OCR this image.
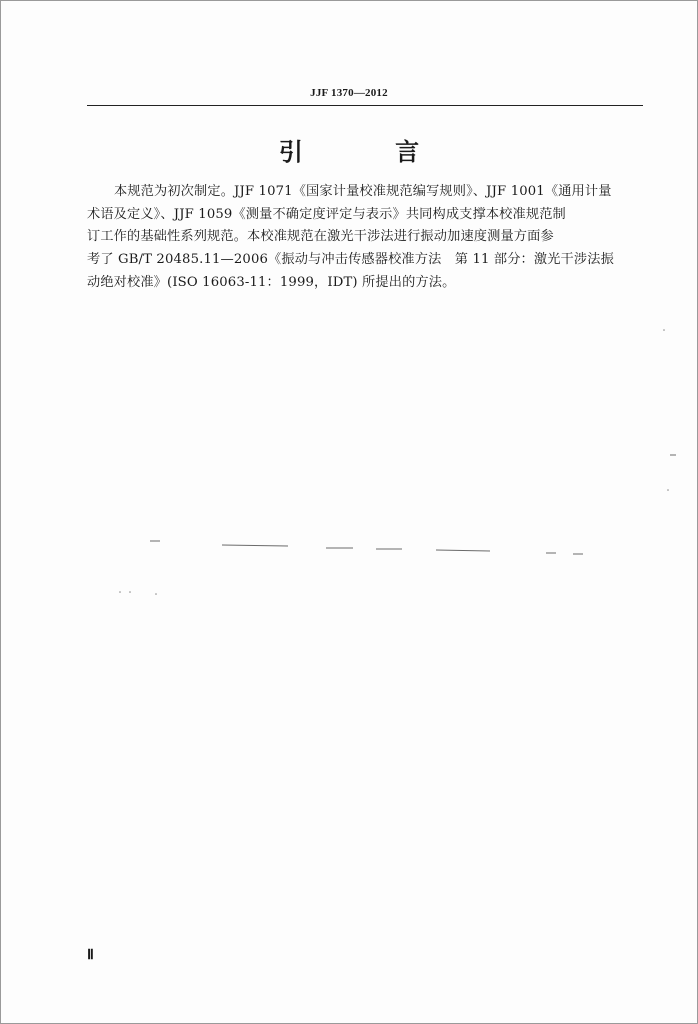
JJF 1370—2012
引 言
本规范为初次制定。JJF 1071《国家计量校准规范编写规则》、JJF 1001《通用计量
术语及定义》、JJF 1059《测量不确定度评定与表示》共同构成支撑本校准规范制
订工作的基础性系列规范。本校准规范在激光干涉法进行振动加速度测量方面参
考了 GB/T 20485.11—2006《振动与冲击传感器校准方法　第 11 部分：激光干涉法振
动绝对校准》(ISO 16063-11：1999，IDT) 所提出的方法。
Ⅱ
